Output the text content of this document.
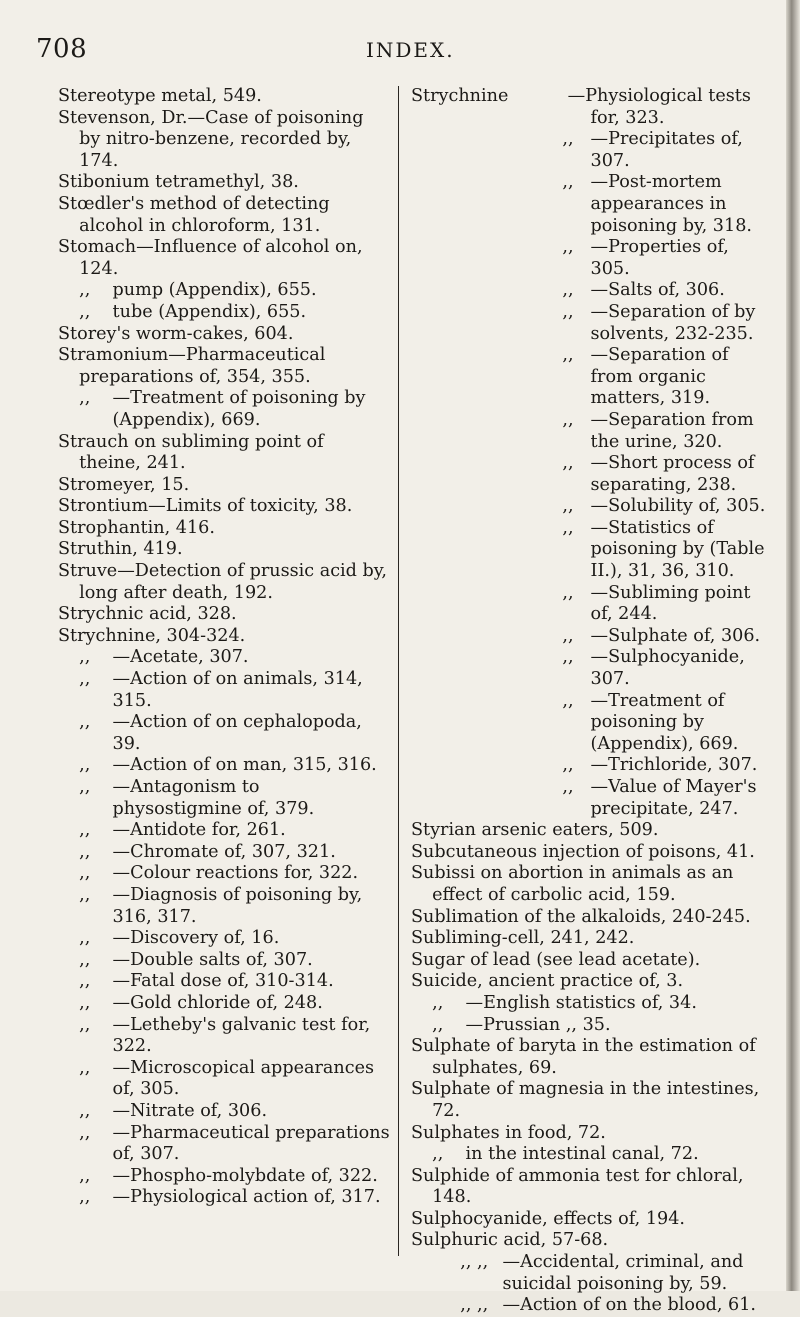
708	INDEX.

Stereotype metal, 549.

Stevenson, Dr.—Case of poisoning by nitro-benzene, recorded by, 174.

Stibonium tetramethyl, 38.

Stœdler's method of detecting alcohol in chloroform, 131.

Stomach—Influence of alcohol on, 124.

,, pump (Appendix), 655.

,, tube (Appendix), 655.

Storey's worm-cakes, 604.

Stramonium—Pharmaceutical preparations of, 354, 355.

,, —Treatment of poisoning by (Appendix), 669.

Strauch on subliming point of theine, 241.

Stromeyer, 15.

Strontium—Limits of toxicity, 38.

Strophantin, 416.

Struthin, 419.

Struve—Detection of prussic acid by, long after death, 192.

Strychnic acid, 328.

Strychnine, 304-324.

,, —Acetate, 307.

,, —Action of on animals, 314, 315.

,, —Action of on cephalopoda, 39.

,, —Action of on man, 315, 316.

,, —Antagonism to physostigmine of, 379.

,, —Antidote for, 261.

,, —Chromate of, 307, 321.

,, —Colour reactions for, 322.

,, —Diagnosis of poisoning by, 316, 317.

,, —Discovery of, 16.

,, —Double salts of, 307.

,, —Fatal dose of, 310-314.

,, —Gold chloride of, 248.

,, —Letheby's galvanic test for, 322.

,, —Microscopical appearances of, 305.

,, —Nitrate of, 306.

,, —Pharmaceutical preparations of, 307.

,, —Phospho-molybdate of, 322.

,, —Physiological action of, 317.

Strychnine	—Physiological tests for, 323.

,, —Precipitates of, 307.

,, —Post-mortem appearances in poisoning by, 318.

,, —Properties of, 305.

,, —Salts of, 306.

,, —Separation of by solvents, 232-235.

,, —Separation of from organic matters, 319.

,, —Separation from the urine, 320.

,, —Short process of separating, 238.

,, —Solubility of, 305.

,, —Statistics of poisoning by (Table II.), 31, 36, 310.

,, —Subliming point of, 244.

,, —Sulphate of, 306.

,, —Sulphocyanide, 307.

,, —Treatment of poisoning by (Appendix), 669.

,, —Trichloride, 307.

,, —Value of Mayer's precipitate, 247.

Styrian arsenic eaters, 509.

Subcutaneous injection of poisons, 41.

Subissi on abortion in animals as an effect of carbolic acid, 159.

Sublimation of the alkaloids, 240-245.

Subliming-cell, 241, 242.

Sugar of lead (see lead acetate).

Suicide, ancient practice of, 3.

,, —English statistics of, 34.

,, —Prussian ,, 35.

Sulphate of baryta in the estimation of sulphates, 69.

Sulphate of magnesia in the intestines, 72.

Sulphates in food, 72.

,, in the intestinal canal, 72.

Sulphide of ammonia test for chloral, 148.

Sulphocyanide, effects of, 194.

Sulphuric acid, 57-68.

,, ,, —Accidental, criminal, and suicidal poisoning by, 59.

,, ,, —Action of on the blood, 61.
